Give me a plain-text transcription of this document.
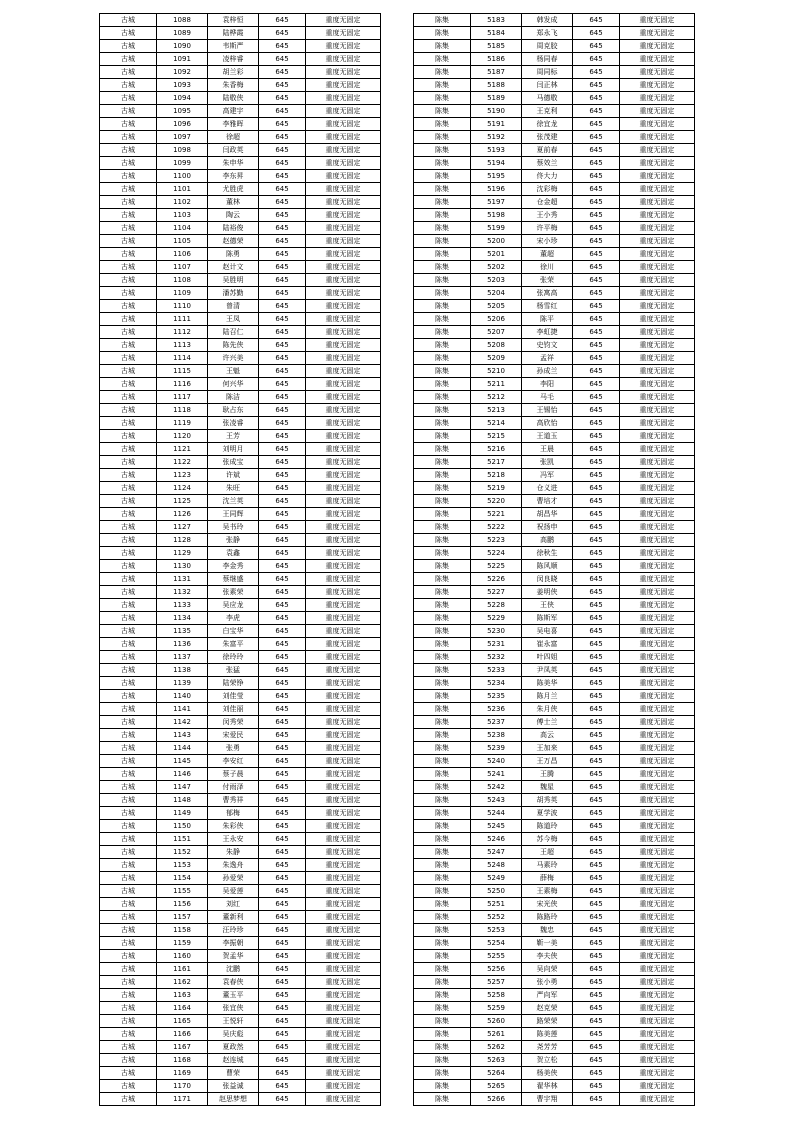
古城	1088	袁梓恒	645	重度无固定
古城	1089	陆桦霞	645	重度无固定
古城	1090	韦斯严	645	重度无固定
古城	1091	凌梓睿	645	重度无固定
古城	1092	胡兰彩	645	重度无固定
古城	1093	朱香梅	645	重度无固定
古城	1094	陆敬侠	645	重度无固定
古城	1095	高建宇	645	重度无固定
古城	1096	李雅晖	645	重度无固定
古城	1097	徐超	645	重度无固定
古城	1098	闫政英	645	重度无固定
古城	1099	朱申华	645	重度无固定
古城	1100	李东昇	645	重度无固定
古城	1101	尤胜虎	645	重度无固定
古城	1102	董林	645	重度无固定
古城	1103	陶云	645	重度无固定
古城	1104	陆裕俊	645	重度无固定
古城	1105	赵德荣	645	重度无固定
古城	1106	陈勇	645	重度无固定
古城	1107	赵计文	645	重度无固定
古城	1108	吴胜明	645	重度无固定
古城	1109	潘苏勤	645	重度无固定
古城	1110	曾清	645	重度无固定
古城	1111	王凤	645	重度无固定
古城	1112	陆召仁	645	重度无固定
古城	1113	陈先侠	645	重度无固定
古城	1114	许兴美	645	重度无固定
古城	1115	王魁	645	重度无固定
古城	1116	何兴华	645	重度无固定
古城	1117	陈洁	645	重度无固定
古城	1118	耿占东	645	重度无固定
古城	1119	张凌睿	645	重度无固定
古城	1120	王芳	645	重度无固定
古城	1121	刘明月	645	重度无固定
古城	1122	张成宝	645	重度无固定
古城	1123	许斌	645	重度无固定
古城	1124	朱旺	645	重度无固定
古城	1125	沈兰英	645	重度无固定
古城	1126	王同辉	645	重度无固定
古城	1127	吴书玲	645	重度无固定
古城	1128	张静	645	重度无固定
古城	1129	袁鑫	645	重度无固定
古城	1130	李金秀	645	重度无固定
古城	1131	蔡继盛	645	重度无固定
古城	1132	张素荣	645	重度无固定
古城	1133	吴应龙	645	重度无固定
古城	1134	李虎	645	重度无固定
古城	1135	白宝华	645	重度无固定
古城	1136	朱富平	645	重度无固定
古城	1137	徐玲玲	645	重度无固定
古城	1138	张猛	645	重度无固定
古城	1139	陆荣铮	645	重度无固定
古城	1140	刘佳莹	645	重度无固定
古城	1141	刘佳丽	645	重度无固定
古城	1142	闵秀荣	645	重度无固定
古城	1143	宋爱民	645	重度无固定
古城	1144	张勇	645	重度无固定
古城	1145	李安红	645	重度无固定
古城	1146	蔡子晨	645	重度无固定
古城	1147	付雨泽	645	重度无固定
古城	1148	曹秀祥	645	重度无固定
古城	1149	郁梅	645	重度无固定
古城	1150	朱彩侠	645	重度无固定
古城	1151	王永安	645	重度无固定
古城	1152	朱静	645	重度无固定
古城	1153	朱逸舟	645	重度无固定
古城	1154	孙爱荣	645	重度无固定
古城	1155	吴爱莲	645	重度无固定
古城	1156	刘红	645	重度无固定
古城	1157	董新利	645	重度无固定
古城	1158	汪玲珍	645	重度无固定
古城	1159	李振朝	645	重度无固定
古城	1160	贺孟华	645	重度无固定
古城	1161	沈鹏	645	重度无固定
古城	1162	袁春侠	645	重度无固定
古城	1163	董玉平	645	重度无固定
古城	1164	张宜侠	645	重度无固定
古城	1165	王悦轩	645	重度无固定
古城	1166	吴庆彪	645	重度无固定
古城	1167	夏政然	645	重度无固定
古城	1168	赵连城	645	重度无固定
古城	1169	曹荣	645	重度无固定
古城	1170	张益诚	645	重度无固定
古城	1171	赵思梦想	645	重度无固定
陈集	5183	韩发成	645	重度无固定
陈集	5184	郑永飞	645	重度无固定
陈集	5185	周克胶	645	重度无固定
陈集	5186	杨同春	645	重度无固定
陈集	5187	周同标	645	重度无固定
陈集	5188	闫正林	645	重度无固定
陈集	5189	马德敬	645	重度无固定
陈集	5190	王克利	645	重度无固定
陈集	5191	徐宜龙	645	重度无固定
陈集	5192	张茂建	645	重度无固定
陈集	5193	夏前春	645	重度无固定
陈集	5194	蔡效兰	645	重度无固定
陈集	5195	佟大力	645	重度无固定
陈集	5196	沈彩梅	645	重度无固定
陈集	5197	仓金超	645	重度无固定
陈集	5198	王小秀	645	重度无固定
陈集	5199	许平梅	645	重度无固定
陈集	5200	宋小珍	645	重度无固定
陈集	5201	董超	645	重度无固定
陈集	5202	徐川	645	重度无固定
陈集	5203	张荣	645	重度无固定
陈集	5204	张寓高	645	重度无固定
陈集	5205	杨雪红	645	重度无固定
陈集	5206	陈平	645	重度无固定
陈集	5207	李虹捷	645	重度无固定
陈集	5208	史钧文	645	重度无固定
陈集	5209	孟祥	645	重度无固定
陈集	5210	孙成兰	645	重度无固定
陈集	5211	李阳	645	重度无固定
陈集	5212	马毛	645	重度无固定
陈集	5213	王锡怡	645	重度无固定
陈集	5214	高欣怡	645	重度无固定
陈集	5215	王道玉	645	重度无固定
陈集	5216	王晨	645	重度无固定
陈集	5217	张凯	645	重度无固定
陈集	5218	冯军	645	重度无固定
陈集	5219	仓义进	645	重度无固定
陈集	5220	曹培才	645	重度无固定
陈集	5221	胡昌华	645	重度无固定
陈集	5222	祝扬申	645	重度无固定
陈集	5223	高鹏	645	重度无固定
陈集	5224	徐秋生	645	重度无固定
陈集	5225	陈风顺	645	重度无固定
陈集	5226	闵良晓	645	重度无固定
陈集	5227	姜明侠	645	重度无固定
陈集	5228	王侠	645	重度无固定
陈集	5229	陈斯军	645	重度无固定
陈集	5230	吴电喜	645	重度无固定
陈集	5231	崔永富	645	重度无固定
陈集	5232	叶四姐	645	重度无固定
陈集	5233	尹凤英	645	重度无固定
陈集	5234	陈美华	645	重度无固定
陈集	5235	陈月兰	645	重度无固定
陈集	5236	朱月侠	645	重度无固定
陈集	5237	傅士兰	645	重度无固定
陈集	5238	高云	645	重度无固定
陈集	5239	王加来	645	重度无固定
陈集	5240	王万昌	645	重度无固定
陈集	5241	王腾	645	重度无固定
陈集	5242	魏星	645	重度无固定
陈集	5243	胡秀英	645	重度无固定
陈集	5244	夏学波	645	重度无固定
陈集	5245	陈道玲	645	重度无固定
陈集	5246	苏今梅	645	重度无固定
陈集	5247	王超	645	重度无固定
陈集	5248	马素玲	645	重度无固定
陈集	5249	薛梅	645	重度无固定
陈集	5250	王素梅	645	重度无固定
陈集	5251	宋光侠	645	重度无固定
陈集	5252	陈路玲	645	重度无固定
陈集	5253	魏忠	645	重度无固定
陈集	5254	靳一美	645	重度无固定
陈集	5255	李夫侠	645	重度无固定
陈集	5256	吴向荣	645	重度无固定
陈集	5257	张小勇	645	重度无固定
陈集	5258	严向军	645	重度无固定
陈集	5259	赵克荣	645	重度无固定
陈集	5260	路荣荣	645	重度无固定
陈集	5261	陈美莲	645	重度无固定
陈集	5262	尧芳芳	645	重度无固定
陈集	5263	贺立松	645	重度无固定
陈集	5264	杨美侠	645	重度无固定
陈集	5265	翟华林	645	重度无固定
陈集	5266	曹宇翔	645	重度无固定
